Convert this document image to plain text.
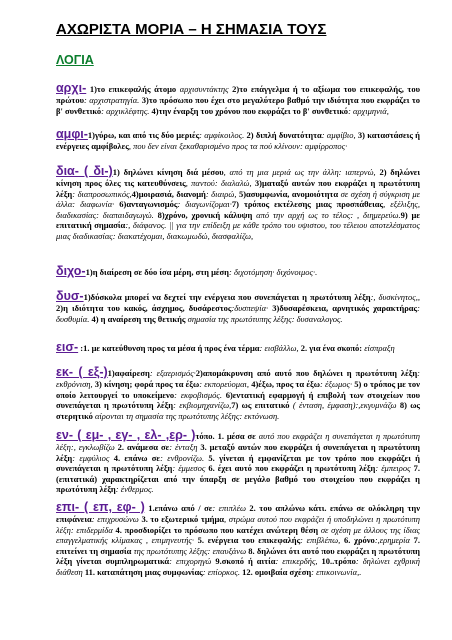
ΑΧΩΡΙΣΤΑ ΜΟΡΙΑ – Η ΣΗΜΑΣΙΑ ΤΟΥΣ
ΛΟΓΙΑ
αρχι- 1)το επικεφαλής άτομο αρχισυντάκτης 2)το επάγγελμα ή το αξίωμα του επικεφαλής, του πρώτου: αρχιστρατηγία. 3)το πρόσωπο που έχει στο μεγαλύτερο βαθμό την ιδιότητα που εκφράζει το β' συνθετικό: αρχικλέφτης. 4)την έναρξη του χρόνου που εκφράζει το β' συνθετικό: αρχιμηνιά,
αμφι-1)γύρω, και από τις δύο μεριές: αμφίκοιλος. 2) διπλή δυνατότητα: αμφίβιο, 3) καταστάσεις ή ενέργειες αμφίβολες, που δεν είναι ξεκαθαρισμένο προς τα πού κλίνουν: αμφίρροπος·
δια- ( δι-)1) δηλώνει κίνηση διά μέσου, από τη μια μεριά ως την άλλη: ιαπερνώ, 2) δηλώνει κίνηση προς όλες τις κατευθύνσεις, παντού: διαλαλώ, 3)ματαξύ αυτών που εκφράζει η πρωτότυπη λέξη: διαπροσωπικός,4)μοιρασιά, διανομή: διαιρώ, 5)ασυμφωνία, ανομοιότητα σε σχέση ή σύγκριση με άλλα: διαφωνία· 6)ανταγωνισμός: διαγωνίζομαι·7) τρόπος εκτέλεσης μιας προσπάθειας, εξέλιξης, διαδικασίας: διαπαιδαγωγώ. 8)χρόνο, χρονική κάλυψη από την αρχή ως το τέλος: , διημερεύω.9) με επιτατική σημασία:, διάφανος. || για την επίδειξη με κάθε τρόπο του υψιστου, του τέλειου αποτελέσματος μιας διαδικασίας: διακατέχομαι, διακωμωδώ, διασφαλίζω,
διχο-1)η διαίρεση σε δύο ίσα μέρη, στη μέση: διχοτόμηση· διχόνοιμος·.
δυσ-1)δύσκολα μπορεί να δεχτεί την ενέργεια που συνεπάγεται η πρωτότυπη λέξη:, δυσκίνητος,, 2)η ιδιότητα του κακός, άσχημος, δυσάρεστος:δυσπεψία· 3)δυσαρέσκεια, αρνητικός χαρακτήρας: δυσθυμία. 4) η αναίρεση της θετικής σημασία της πρωτότυπης λέξης: δυσαναλογος.
εισ- :1. με κατεύθυνση προς τα μέσα ή προς ένα τέρμα: εισβάλλω, 2. για ένα σκοπό: είσπραξη
εκ- ( εξ-)1)αφαίρεση: εξαερισμός·2)απομάκρυνση από αυτό που δηλώνει η πρωτότυπη λέξη: εκθρόνιση, 3) κίνηση; φορά προς τα έξω: εκπορεύομαι, 4)έξω, προς τα έξω: έξωμος· 5) ο τρόπος με τον οποίο λειτουργεί το υποκείμενο: εκφοβισμός. 6)εντατική εφαρμογή ή επιβολή των στοιχείων που συνεπάγεται η πρωτότυπη λέξη: εκβιομηχανίζω,7) ως επιτατικό ( ένταση, έμφαση):,εκγυμνάζω 8) ως στερητικό αίρονται τη σημασία της πρωτότυπης λέξης: εκτόνωση.
εν- ( εμ- , εγ- , ελ- ,ερ- )τόπο. 1. μέσα σε αυτό που εκφράζει η συνεπάγεται η πρωτότυπη λέξη:, εγκλωβίζω 2. ανάμεσα σε: ένταξη 3. μεταξύ αυτών που εκφράζει ή συνεπάγεται η πρωτότυπη λέξη: εμφύλιος 4. επάνω σε: ενθρονίζω. 5. γίνεται ή εμφανίζεται με τον τρόπο που εκφράζει ή συνεπάγεται η πρωτότυπη λέξη: έμμεσος 6. έχει αυτό που εκφράζει η πρωτότυπη λέξη: έμπειρος 7. (επιτατικά) χαρακτηρίζεται από την ύπαρξη σε μεγάλο βαθμό του στοιχείου που εκφράζει η πρωτότυπη λέξη: ένθερμος.
επι- ( επ, εφ- ) 1.επάνω από / σε: επιπλέω 2. του απλώνω κάτι. επάνω σε ολόκληρη την επιφάνεια: επιχρυσώνω 3. το εξωτερικό τμήμα, στρώμα αυτού που εκφράζει ή υποδηλώνει η πρωτότυπη λέξη: επιδερμίδα 4. προσδιορίζει το πρόσωπο που κατέχει ανώτερη θέση σε σχέση με άλλους της ίδιας επαγγελματικής κλίμακας , επιμηνευτής· 5. ενέργεια του επικεφαλής: επιβλέπω, 6. χρόνο:,ερημερία 7. επιτείνει τη σημασία της πρωτότυπης λέξης: επαυξάνω 8. δηλώνει ότι αυτό που εκφράζει η πρωτότυπη λέξη γίνεται συμπληρωματικά: επιχορηγώ 9.σκοπό ή αιτία: επικερδής, 10..τρόπο: δηλώνει εχθρική διάθεση 11. καταπάτηση μιας συμφωνίας: επίορκος. 12. ομοιβαία σχέση: επικοινωνία,.
